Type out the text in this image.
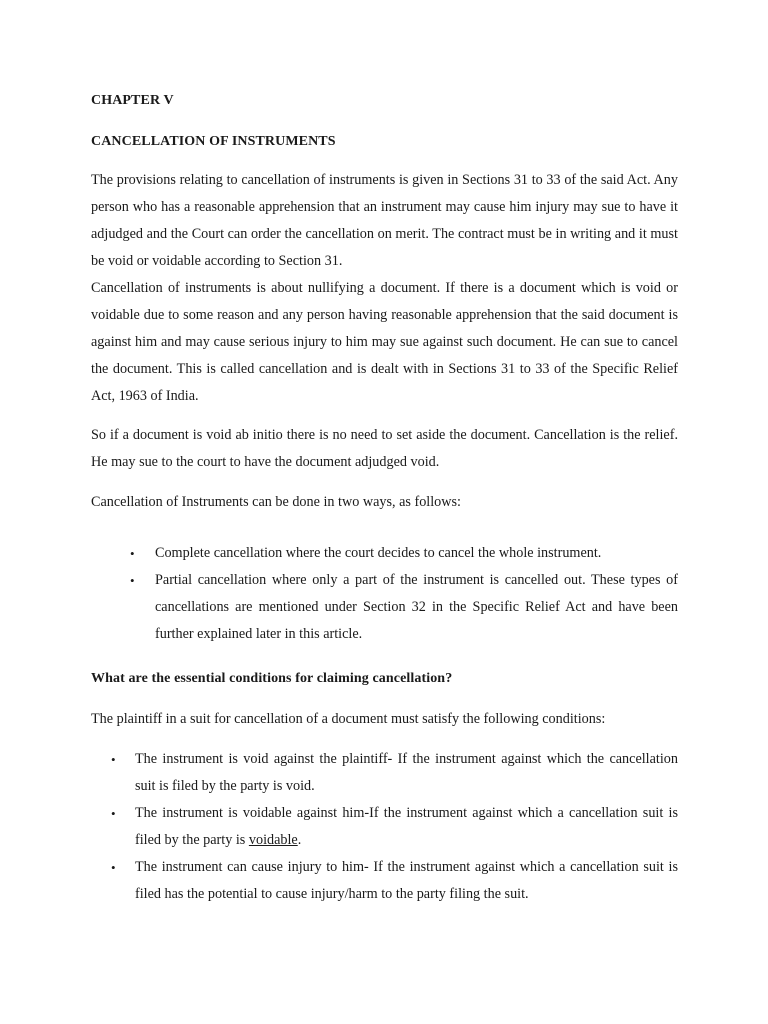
CHAPTER V
CANCELLATION OF INSTRUMENTS
The provisions relating to cancellation of instruments is given in Sections 31 to 33 of the said Act. Any person who has a reasonable apprehension that an instrument may cause him injury may sue to have it adjudged and the Court can order the cancellation on merit. The contract must be in writing and it must be void or voidable according to Section 31.
Cancellation of instruments is about nullifying a document. If there is a document which is void or voidable due to some reason and any person having reasonable apprehension that the said document is against him and may cause serious injury to him may sue against such document. He can sue to cancel the document. This is called cancellation and is dealt with in Sections 31 to 33 of the Specific Relief Act, 1963 of India.
So if a document is void ab initio there is no need to set aside the document. Cancellation is the relief. He may sue to the court to have the document adjudged void.
Cancellation of Instruments can be done in two ways, as follows:
• Complete cancellation where the court decides to cancel the whole instrument.
• Partial cancellation where only a part of the instrument is cancelled out. These types of cancellations are mentioned under Section 32 in the Specific Relief Act and have been further explained later in this article.
What are the essential conditions for claiming cancellation?
The plaintiff in a suit for cancellation of a document must satisfy the following conditions:
• The instrument is void against the plaintiff- If the instrument against which the cancellation suit is filed by the party is void.
• The instrument is voidable against him-If the instrument against which a cancellation suit is filed by the party is voidable.
• The instrument can cause injury to him- If the instrument against which a cancellation suit is filed has the potential to cause injury/harm to the party filing the suit.
